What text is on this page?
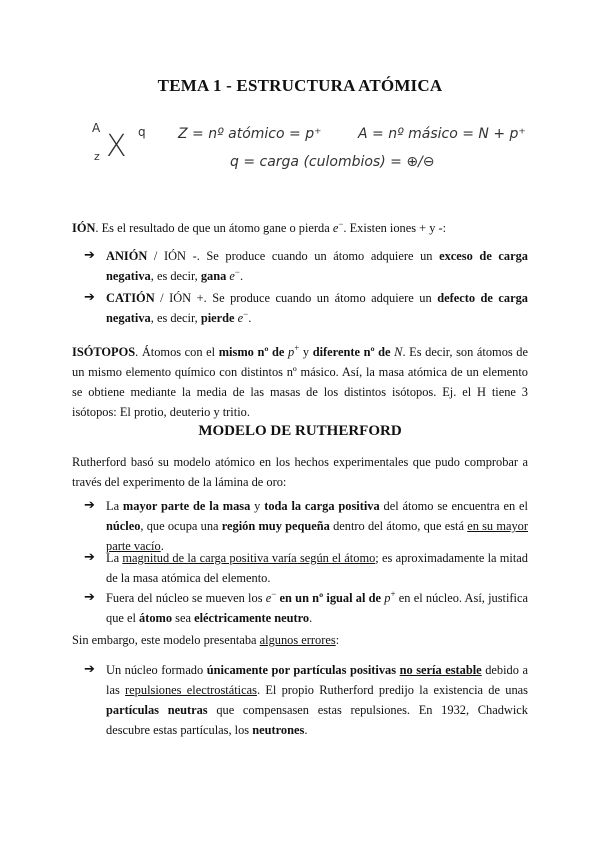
TEMA 1 - ESTRUCTURA ATÓMICA
A
z X q Z = nº atómico = p⁺	A = nº másico = N + p⁺
q = carga (culombios) = ⊕/⊖
IÓN. Es el resultado de que un átomo gane o pierda e−. Existen iones + y -:
➔ ANIÓN / IÓN -. Se produce cuando un átomo adquiere un exceso de carga negativa, es decir, gana e−.
➔ CATIÓN / IÓN +. Se produce cuando un átomo adquiere un defecto de carga negativa, es decir, pierde e−.
ISÓTOPOS. Átomos con el mismo nº de p+ y diferente nº de N. Es decir, son átomos de un mismo elemento químico con distintos nº másico. Así, la masa atómica de un elemento se obtiene mediante la media de las masas de los distintos isótopos. Ej. el H tiene 3 isótopos: El protio, deuterio y tritio.
MODELO DE RUTHERFORD
Rutherford basó su modelo atómico en los hechos experimentales que pudo comprobar a través del experimento de la lámina de oro:
➔ La mayor parte de la masa y toda la carga positiva del átomo se encuentra en el núcleo, que ocupa una región muy pequeña dentro del átomo, que está en su mayor parte vacío.
➔ La magnitud de la carga positiva varía según el átomo; es aproximadamente la mitad de la masa atómica del elemento.
➔ Fuera del núcleo se mueven los e− en un nº igual al de p+ en el núcleo. Así, justifica que el átomo sea eléctricamente neutro.
Sin embargo, este modelo presentaba algunos errores:
➔ Un núcleo formado únicamente por partículas positivas no sería estable debido a las repulsiones electrostáticas. El propio Rutherford predijo la existencia de unas partículas neutras que compensasen estas repulsiones. En 1932, Chadwick descubre estas partículas, los neutrones.
